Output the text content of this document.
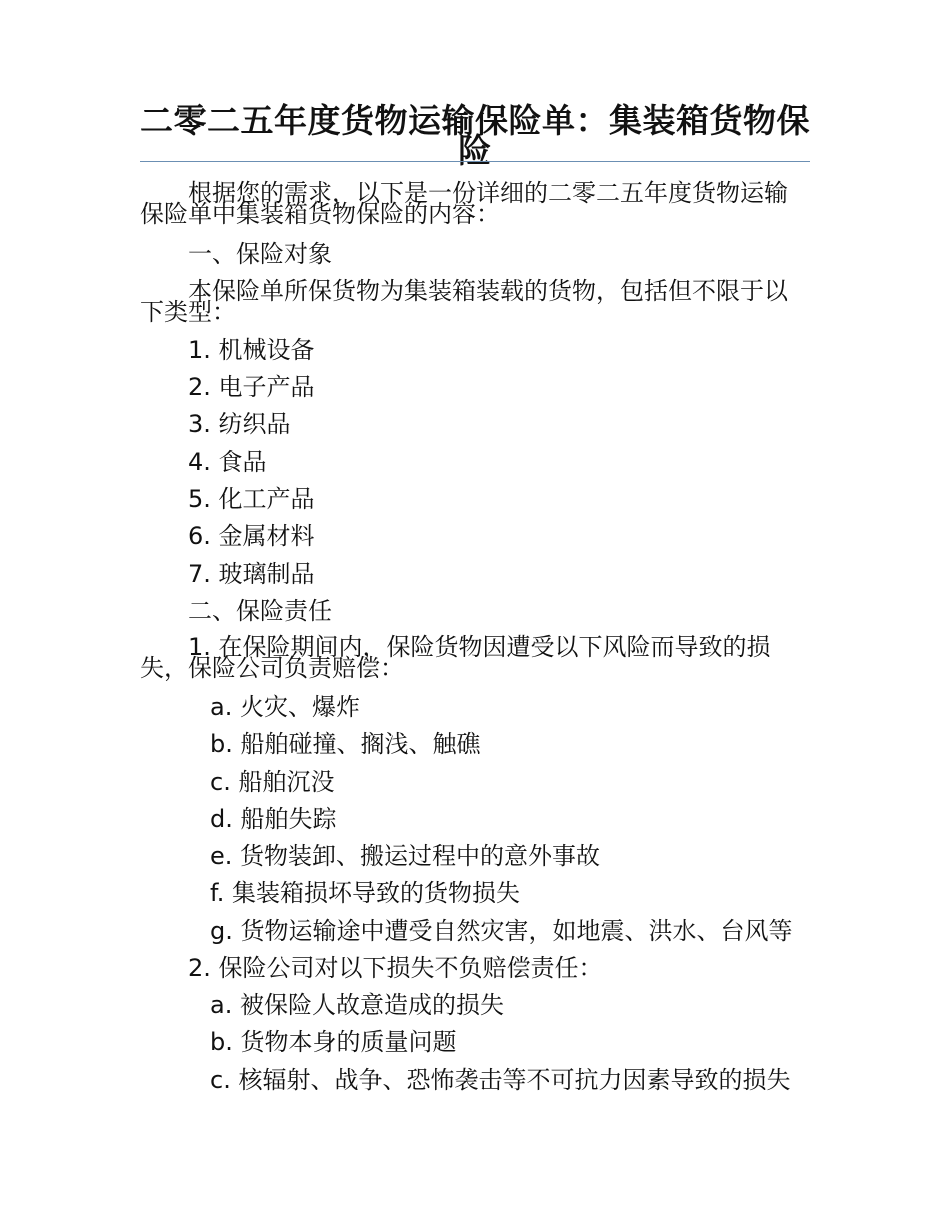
二零二五年度货物运输保险单：集装箱货物保险
根据您的需求，以下是一份详细的二零二五年度货物运输保险单中集装箱货物保险的内容：
一、保险对象
本保险单所保货物为集装箱装载的货物，包括但不限于以下类型：
1. 机械设备
2. 电子产品
3. 纺织品
4. 食品
5. 化工产品
6. 金属材料
7. 玻璃制品
二、保险责任
1. 在保险期间内，保险货物因遭受以下风险而导致的损失，保险公司负责赔偿：
a. 火灾、爆炸
b. 船舶碰撞、搁浅、触礁
c. 船舶沉没
d. 船舶失踪
e. 货物装卸、搬运过程中的意外事故
f. 集装箱损坏导致的货物损失
g. 货物运输途中遭受自然灾害，如地震、洪水、台风等
2. 保险公司对以下损失不负赔偿责任：
a. 被保险人故意造成的损失
b. 货物本身的质量问题
c. 核辐射、战争、恐怖袭击等不可抗力因素导致的损失
